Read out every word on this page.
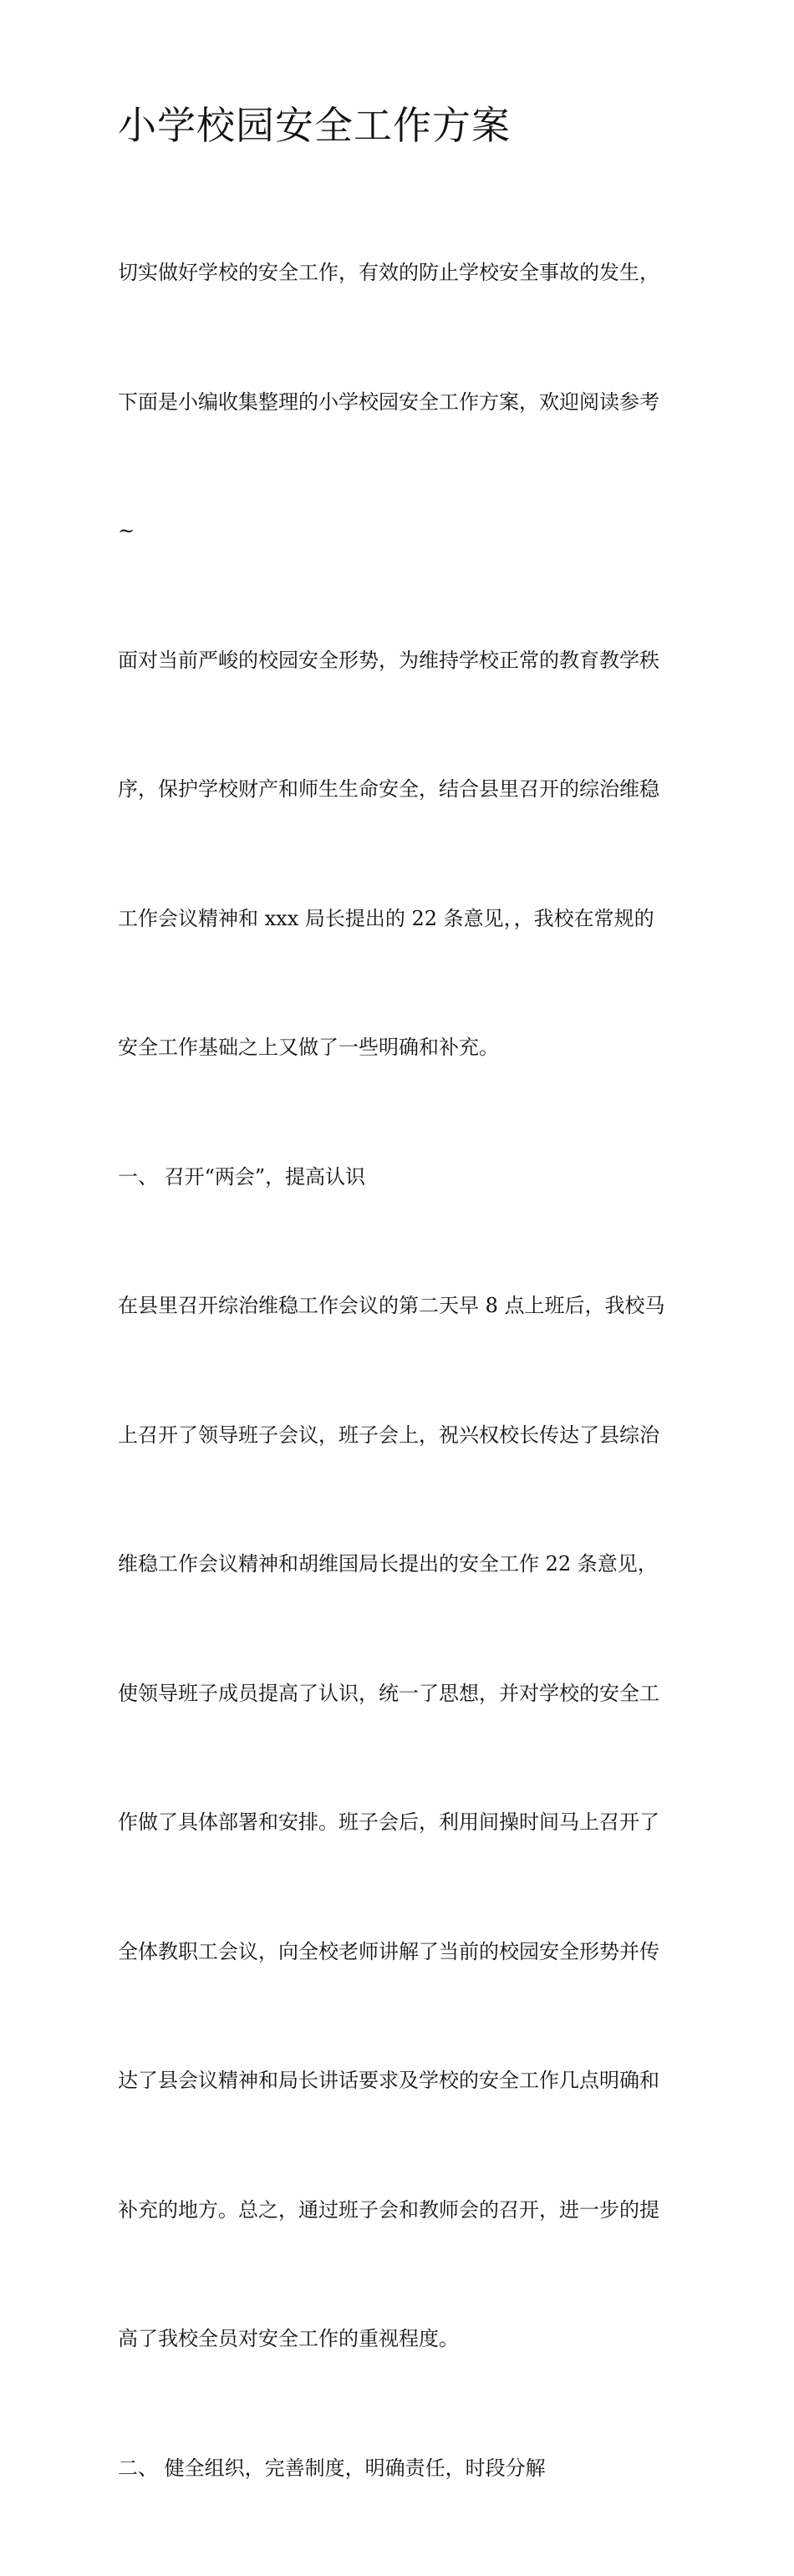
小学校园安全工作方案

切实做好学校的安全工作，有效的防止学校安全事故的发生，

下面是小编收集整理的小学校园安全工作方案，欢迎阅读参考

~

面对当前严峻的校园安全形势，为维持学校正常的教育教学秩

序，保护学校财产和师生生命安全，结合县里召开的综治维稳

工作会议精神和 xxx 局长提出的 22 条意见，，我校在常规的

安全工作基础之上又做了一些明确和补充。

一、 召开“两会”，提高认识

在县里召开综治维稳工作会议的第二天早 8 点上班后，我校马

上召开了领导班子会议，班子会上，祝兴权校长传达了县综治

维稳工作会议精神和胡维国局长提出的安全工作 22 条意见，

使领导班子成员提高了认识，统一了思想，并对学校的安全工

作做了具体部署和安排。班子会后，利用间操时间马上召开了

全体教职工会议，向全校老师讲解了当前的校园安全形势并传

达了县会议精神和局长讲话要求及学校的安全工作几点明确和

补充的地方。总之，通过班子会和教师会的召开，进一步的提

高了我校全员对安全工作的重视程度。

二、 健全组织，完善制度，明确责任，时段分解
